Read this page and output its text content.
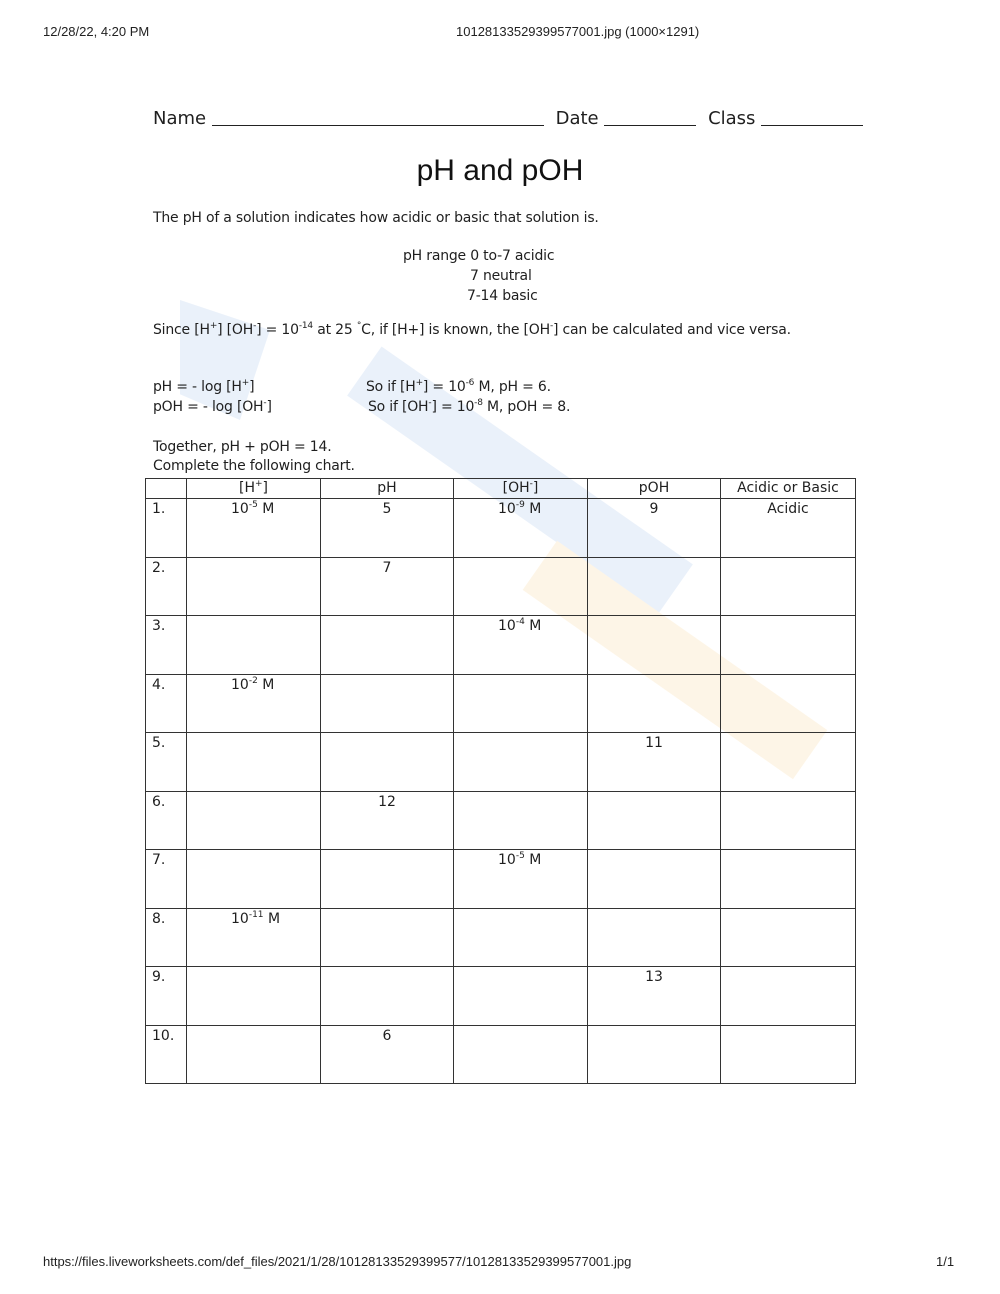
12/28/22, 4:20 PM	10128133529399577001.jpg (1000×1291)
Name	Date	Class
pH and pOH
The pH of a solution indicates how acidic or basic that solution is.
pH range 0 to-7 acidic
7 neutral
7-14 basic
Since [H+] $[OH^-] = 10^{-14}$ at 25 °C, if [H+] is known, the [OH-] can be calculated and vice versa.
pH = - log [H+]
pOH = - log [OH-]
So if $[H^+] = 10^{-6}$ M, pH = 6.
So if $[OH^-] = 10^{-8}$ M, pOH = 8.
Together, pH + pOH = 14.
Complete the following chart.
	[H+]	pH	[OH-]	pOH	Acidic or Basic
1.	$10^{-5}$ M	5	$10^{-9}$ M	9	Acidic
2.		7			
3.			$10^{-4}$ M		
4.	$10^{-2}$ M				
5.				11	
6.		12			
7.			$10^{-5}$ M		
8.	$10^{-11}$ M				
9.				13	
10.		6			
https://files.liveworksheets.com/def_files/2021/1/28/10128133529399577/10128133529399577001.jpg	1/1
